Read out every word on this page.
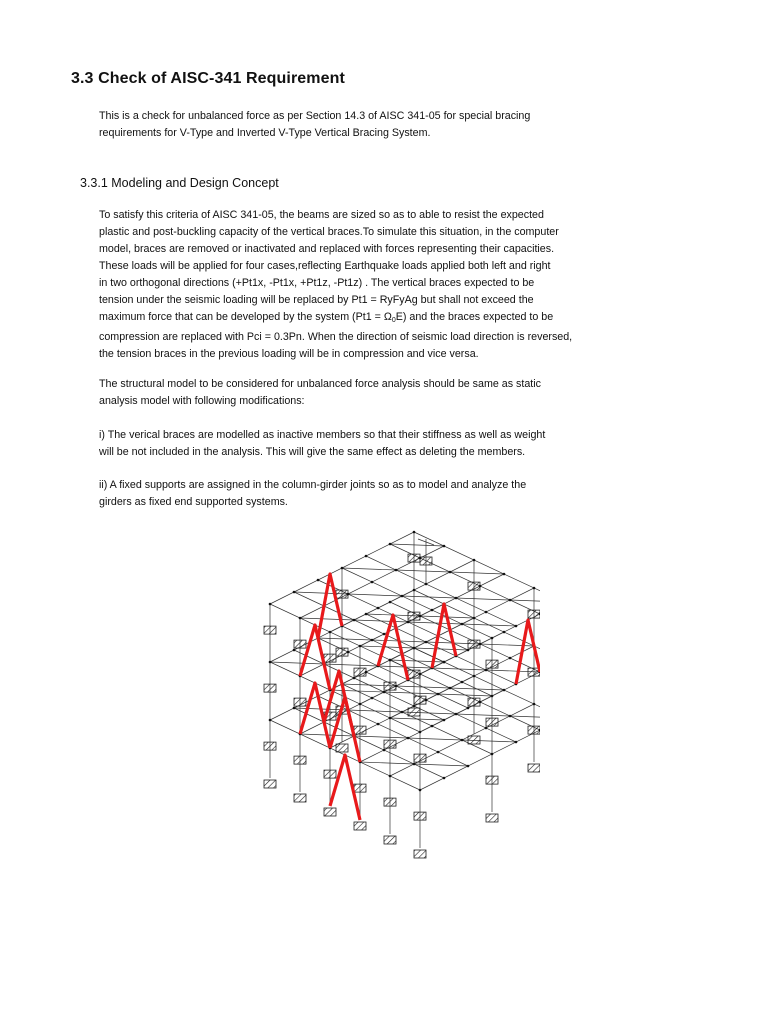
3.3 Check of AISC-341 Requirement
This is a check for unbalanced force as per Section 14.3 of AISC 341-05 for special bracing
requirements for V-Type and Inverted V-Type Vertical Bracing System.
3.3.1 Modeling and Design Concept
To satisfy this criteria of AISC 341-05, the beams are sized so as to able to resist the expected
plastic and post-buckling capacity of the vertical braces.To simulate this situation, in the computer
model, braces are removed or inactivated and replaced with forces representing their capacities.
These loads will be applied for four cases,reflecting Earthquake loads applied both left and right
in two orthogonal directions (+Pt1x, -Pt1x, +Pt1z, -Pt1z) . The vertical braces expected to be
tension under the seismic loading will be replaced by Pt1 = RyFyAg but shall not exceed the
maximum force that can be developed by the system $(Pt1 = \Omega_0E)$ and the braces expected to be
compression are replaced with Pci = 0.3Pn. When the direction of seismic load direction is reversed,
the tension braces in the previous loading will be in compression and vice versa.
The structural model to be considered for unbalanced force analysis should be same as static
analysis model with following modifications:
i) The verical braces are modelled as inactive members so that their stiffness as well as weight
will be not included in the analysis. This will give the same effect as deleting the members.
ii) A fixed supports are assigned in the column-girder joints so as to model and analyze the
girders as fixed end supported systems.
